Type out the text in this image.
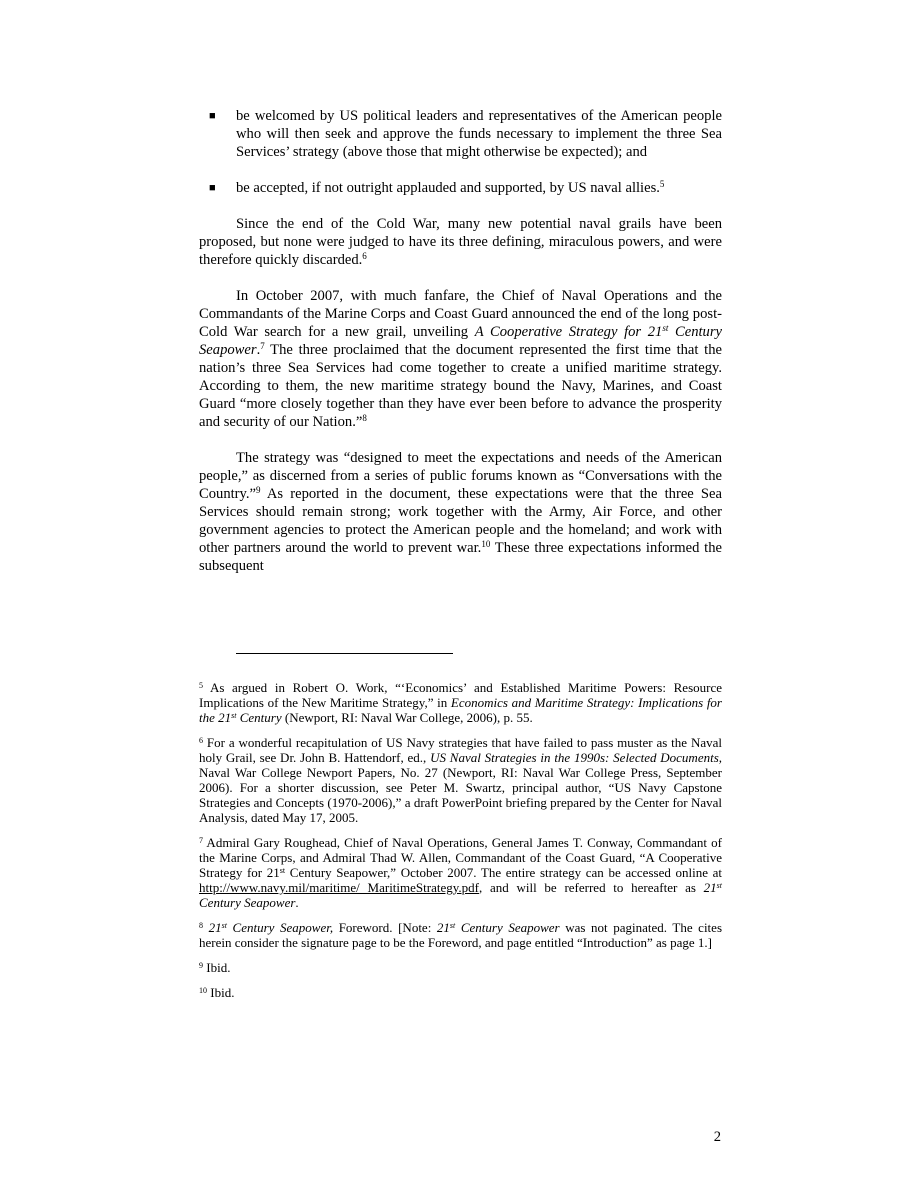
■ be welcomed by US political leaders and representatives of the American people who will then seek and approve the funds necessary to implement the three Sea Services’ strategy (above those that might otherwise be expected); and
■ be accepted, if not outright applauded and supported, by US naval allies.$^5$

Since the end of the Cold War, many new potential naval grails have been proposed, but none were judged to have its three defining, miraculous powers, and were therefore quickly discarded.$^6$

In October 2007, with much fanfare, the Chief of Naval Operations and the Commandants of the Marine Corps and Coast Guard announced the end of the long post-Cold War search for a new grail, unveiling A Cooperative Strategy for 21st Century Seapower.$^7$ The three proclaimed that the document represented the first time that the nation’s three Sea Services had come together to create a unified maritime strategy. According to them, the new maritime strategy bound the Navy, Marines, and Coast Guard “more closely together than they have ever been before to advance the prosperity and security of our Nation.”$^8$

The strategy was “designed to meet the expectations and needs of the American people,” as discerned from a series of public forums known as “Conversations with the Country.”$^9$ As reported in the document, these expectations were that the three Sea Services should remain strong; work together with the Army, Air Force, and other government agencies to protect the American people and the homeland; and work with other partners around the world to prevent war.$^{10}$ These three expectations informed the subsequent

$^5$ As argued in Robert O. Work, “‘Economics’ and Established Maritime Powers: Resource Implications of the New Maritime Strategy,” in Economics and Maritime Strategy: Implications for the 21st Century (Newport, RI: Naval War College, 2006), p. 55.

$^6$ For a wonderful recapitulation of US Navy strategies that have failed to pass muster as the Naval holy Grail, see Dr. John B. Hattendorf, ed., US Naval Strategies in the 1990s: Selected Documents, Naval War College Newport Papers, No. 27 (Newport, RI: Naval War College Press, September 2006). For a shorter discussion, see Peter M. Swartz, principal author, “US Navy Capstone Strategies and Concepts (1970-2006),” a draft PowerPoint briefing prepared by the Center for Naval Analysis, dated May 17, 2005.

$^7$ Admiral Gary Roughead, Chief of Naval Operations, General James T. Conway, Commandant of the Marine Corps, and Admiral Thad W. Allen, Commandant of the Coast Guard, “A Cooperative Strategy for 21st Century Seapower,” October 2007. The entire strategy can be accessed online at http://www.navy.mil/maritime/ MaritimeStrategy.pdf, and will be referred to hereafter as 21st Century Seapower.

$^8$ 21st Century Seapower, Foreword. [Note: 21st Century Seapower was not paginated. The cites herein consider the signature page to be the Foreword, and page entitled “Introduction” as page 1.]

$^9$ Ibid.

$^{10}$ Ibid.

2
